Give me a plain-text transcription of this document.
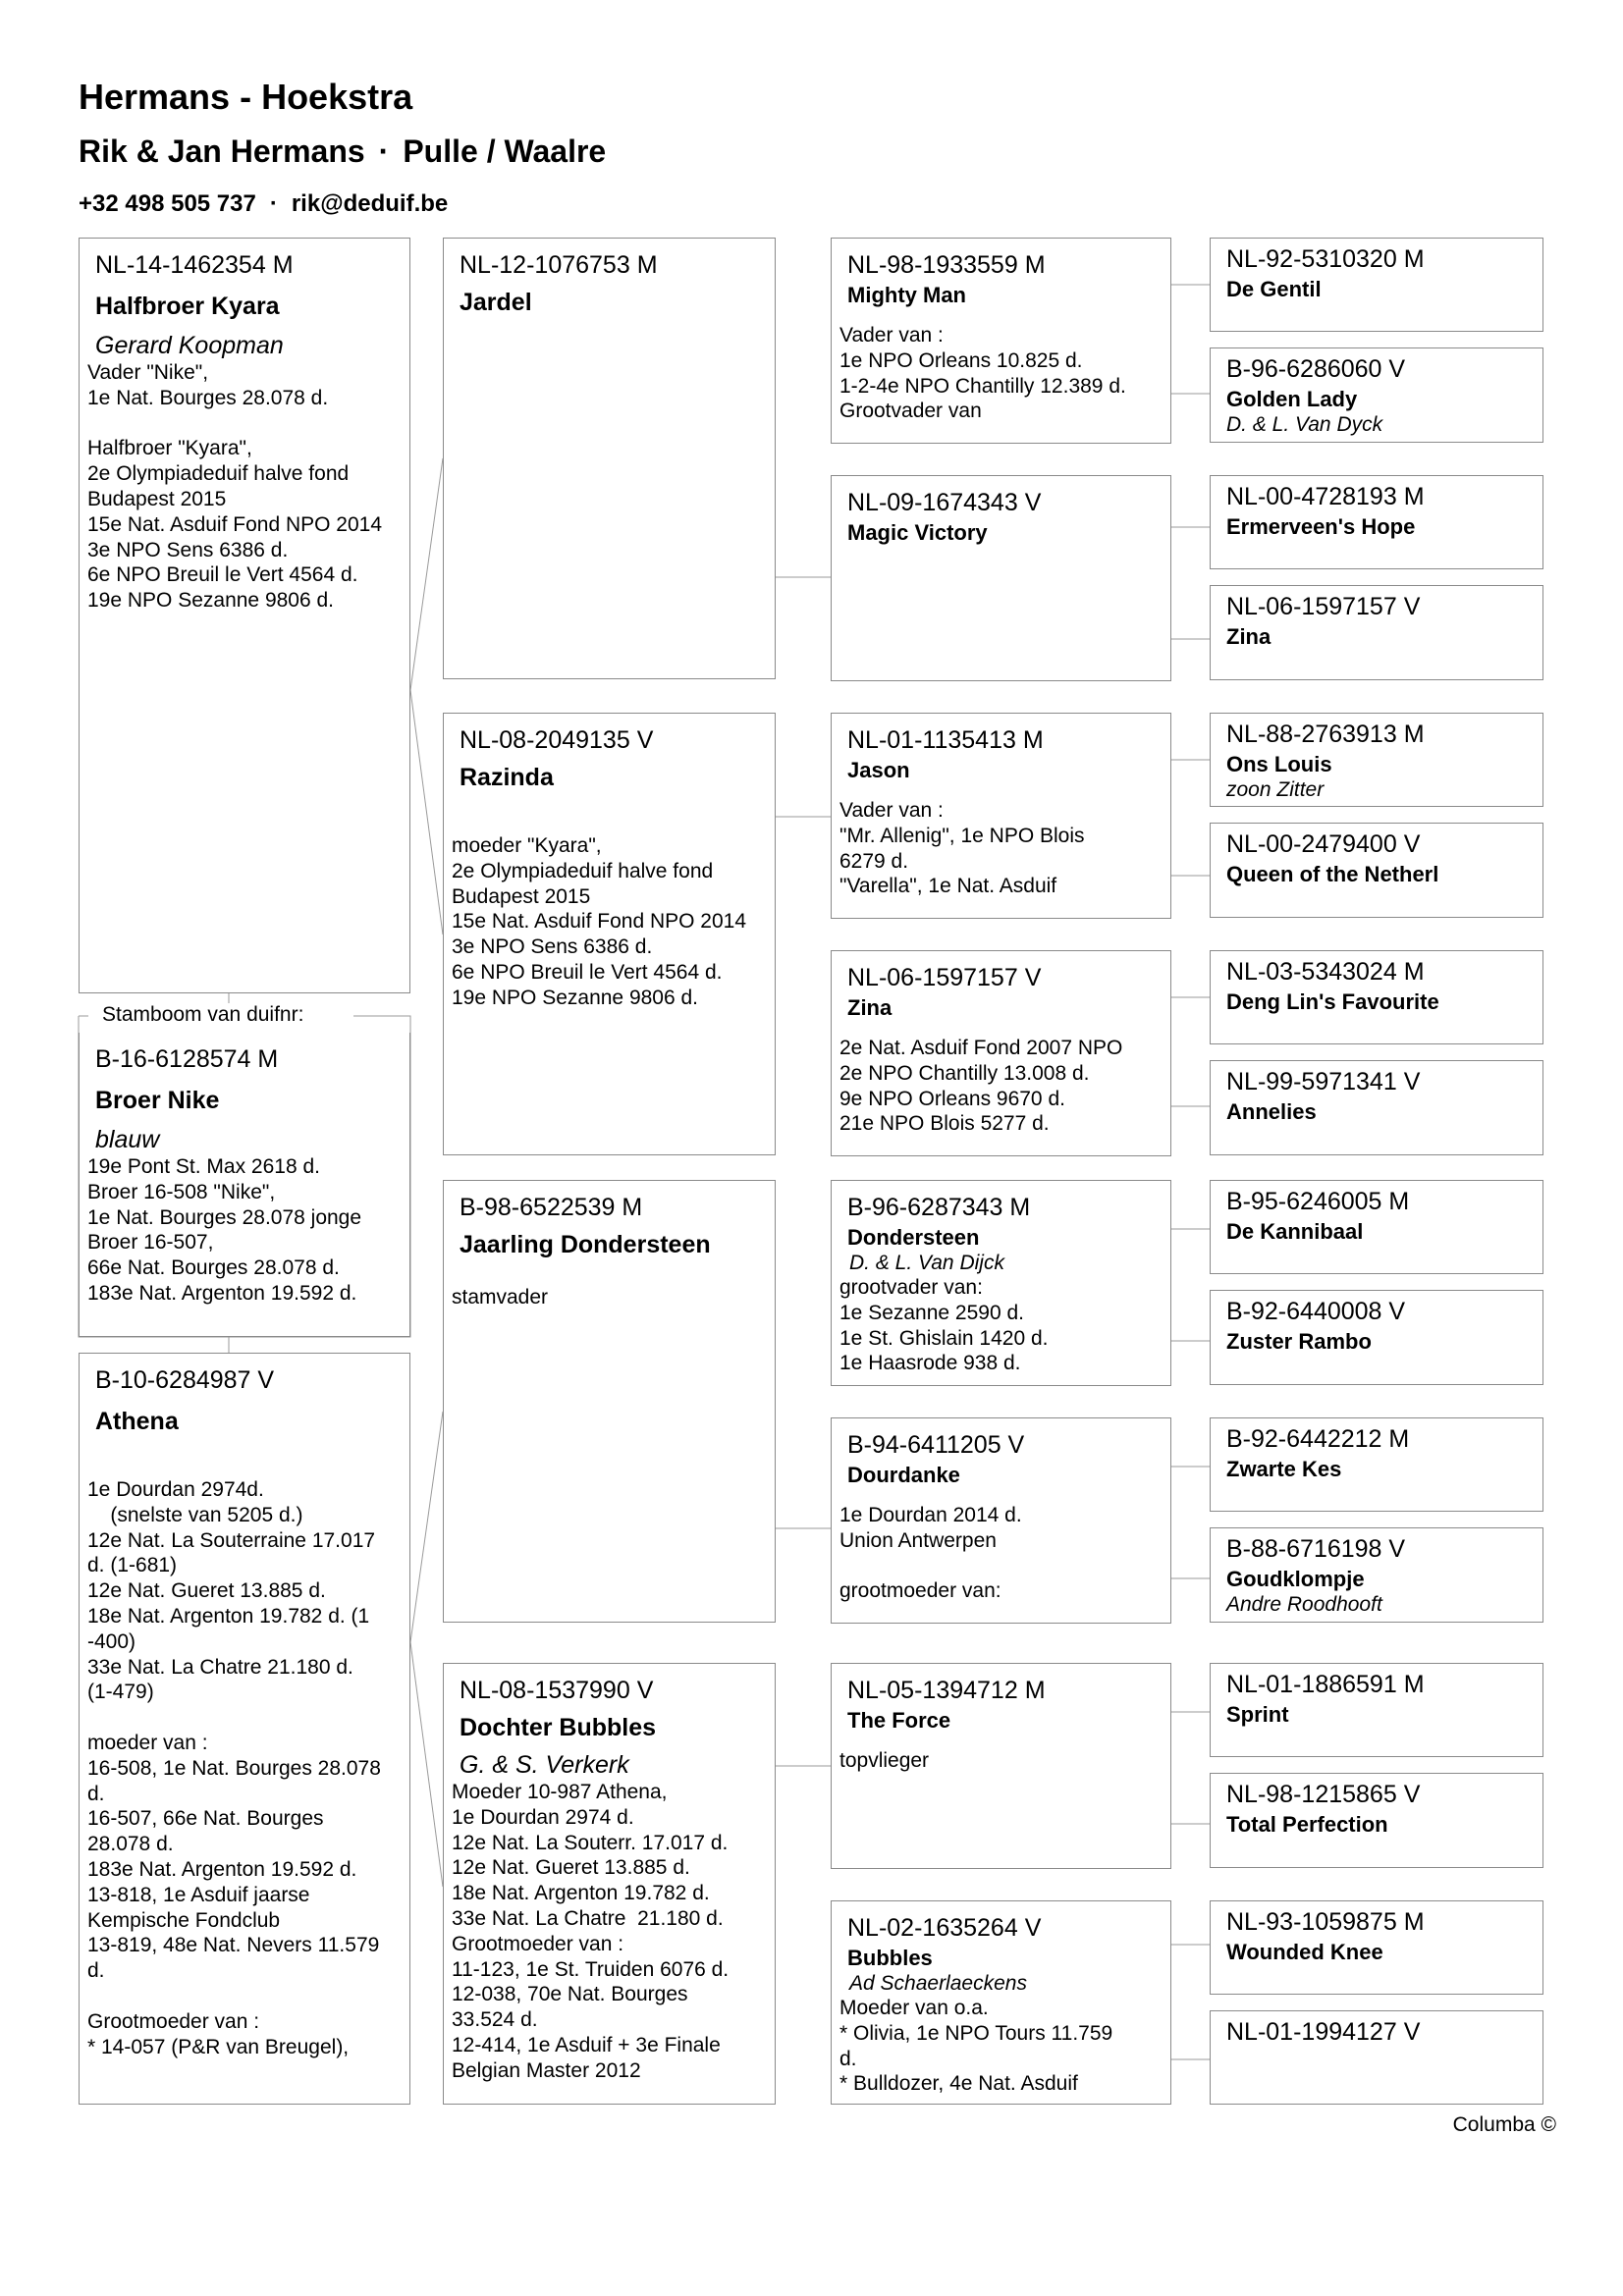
Hermans - Hoekstra
Rik & Jan Hermans · Pulle / Waalre
+32 498 505 737 · rik@deduif.be
Stamboom van duifnr:
NL-14-1462354 M
Halfbroer Kyara
Gerard Koopman
Vader "Nike",
1e Nat. Bourges 28.078 d.

Halfbroer "Kyara",
2e Olympiadeduif halve fond
Budapest 2015
15e Nat. Asduif Fond NPO 2014
3e NPO Sens 6386 d.
6e NPO Breuil le Vert 4564 d.
19e NPO Sezanne 9806 d.
B-16-6128574 M
Broer Nike
blauw
19e Pont St. Max 2618 d.
Broer 16-508 "Nike",
1e Nat. Bourges 28.078 jonge
Broer 16-507,
66e Nat. Bourges 28.078 d.
183e Nat. Argenton 19.592 d.
B-10-6284987 V
Athena
1e Dourdan 2974d.
(snelste van 5205 d.)
12e Nat. La Souterraine 17.017
d. (1-681)
12e Nat. Gueret 13.885 d.
18e Nat. Argenton 19.782 d. (1
-400)
33e Nat. La Chatre 21.180 d.
(1-479)

moeder van :
16-508, 1e Nat. Bourges 28.078
d.
16-507, 66e Nat. Bourges
28.078 d.
183e Nat. Argenton 19.592 d.
13-818, 1e Asduif jaarse
Kempische Fondclub
13-819, 48e Nat. Nevers 11.579
d.

Grootmoeder van :
* 14-057 (P&R van Breugel),
NL-12-1076753 M
Jardel
NL-08-2049135 V
Razinda
moeder "Kyara",
2e Olympiadeduif halve fond
Budapest 2015
15e Nat. Asduif Fond NPO 2014
3e NPO Sens 6386 d.
6e NPO Breuil le Vert 4564 d.
19e NPO Sezanne 9806 d.
B-98-6522539 M
Jaarling Dondersteen
stamvader
NL-08-1537990 V
Dochter Bubbles
G. & S. Verkerk
Moeder 10-987 Athena,
1e Dourdan 2974 d.
12e Nat. La Souterr. 17.017 d.
12e Nat. Gueret 13.885 d.
18e Nat. Argenton 19.782 d.
33e Nat. La Chatre  21.180 d.
Grootmoeder van :
11-123, 1e St. Truiden 6076 d.
12-038, 70e Nat. Bourges
33.524 d.
12-414, 1e Asduif + 3e Finale
Belgian Master 2012
NL-98-1933559 M
Mighty Man
Vader van :
1e NPO Orleans 10.825 d.
1-2-4e NPO Chantilly 12.389 d.
Grootvader van
NL-09-1674343 V
Magic Victory
NL-01-1135413 M
Jason
Vader van :
"Mr. Allenig", 1e NPO Blois
6279 d.
"Varella", 1e Nat. Asduif
NL-06-1597157 V
Zina
2e Nat. Asduif Fond 2007 NPO
2e NPO Chantilly 13.008 d.
9e NPO Orleans 9670 d.
21e NPO Blois 5277 d.
B-96-6287343 M
Dondersteen
D. & L. Van Dijck
grootvader van:
1e Sezanne 2590 d.
1e St. Ghislain 1420 d.
1e Haasrode 938 d.
B-94-6411205 V
Dourdanke
1e Dourdan 2014 d.
Union Antwerpen

grootmoeder van:
NL-05-1394712 M
The Force
topvlieger
NL-02-1635264 V
Bubbles
Ad Schaerlaeckens
Moeder van o.a.
* Olivia, 1e NPO Tours 11.759
d.
* Bulldozer, 4e Nat. Asduif
NL-92-5310320 M
De Gentil
B-96-6286060 V
Golden Lady
D. & L. Van Dyck
NL-00-4728193 M
Ermerveen's Hope
NL-06-1597157 V
Zina
NL-88-2763913 M
Ons Louis
zoon Zitter
NL-00-2479400 V
Queen of the Netherl
NL-03-5343024 M
Deng Lin's Favourite
NL-99-5971341 V
Annelies
B-95-6246005 M
De Kannibaal
B-92-6440008 V
Zuster Rambo
B-92-6442212 M
Zwarte Kes
B-88-6716198 V
Goudklompje
Andre Roodhooft
NL-01-1886591 M
Sprint
NL-98-1215865 V
Total Perfection
NL-93-1059875 M
Wounded Knee
NL-01-1994127 V
Columba ©
